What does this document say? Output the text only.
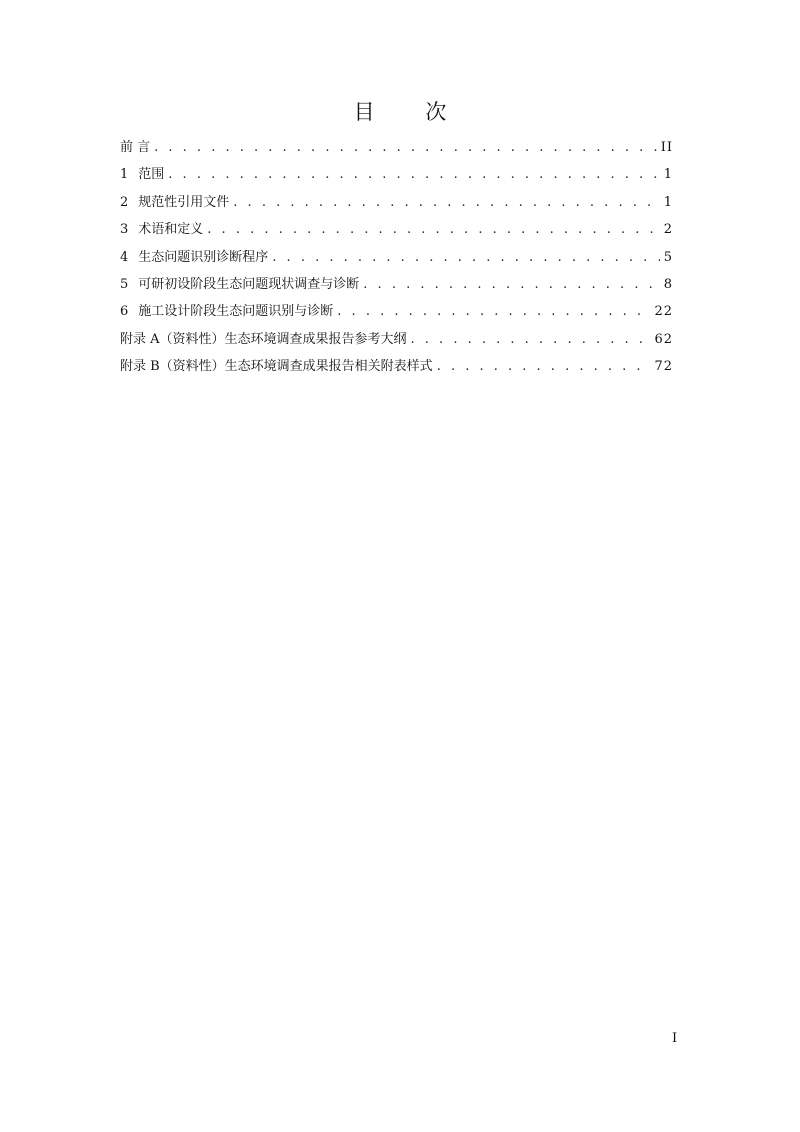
目 次
前 言 . . .	II
1 范围 . . .	1
2 规范性引用文件 . . .	1
3 术语和定义 . . .	2
4 生态问题识别诊断程序 . . .	5
5 可研初设阶段生态问题现状调查与诊断 . . .	8
6 施工设计阶段生态问题识别与诊断 . . .	22
附录 A（资料性）生态环境调查成果报告参考大纲 . . .	62
附录 B（资料性）生态环境调查成果报告相关附表样式 . . .	72
I
